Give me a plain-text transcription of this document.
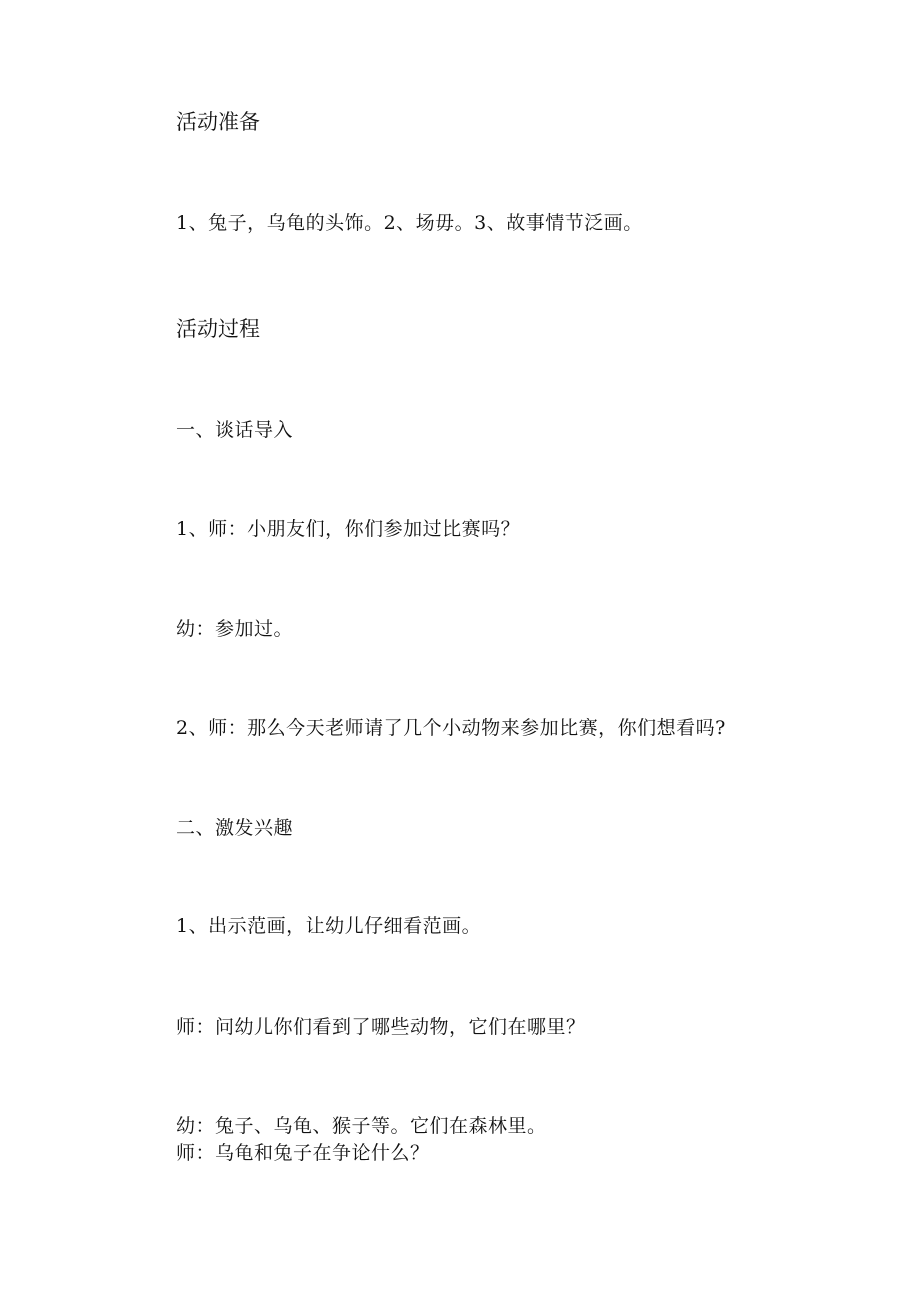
活动准备
1、兔子，乌龟的头饰。2、场毋。3、故事情节泛画。
活动过程
一、谈话导入
1、师：小朋友们，你们参加过比赛吗？
幼：参加过。
2、师：那么今天老师请了几个小动物来参加比赛，你们想看吗?
二、激发兴趣
1、出示范画，让幼儿仔细看范画。
师：问幼儿你们看到了哪些动物，它们在哪里？
幼：兔子、乌龟、猴子等。它们在森林里。
师：乌龟和兔子在争论什么？
